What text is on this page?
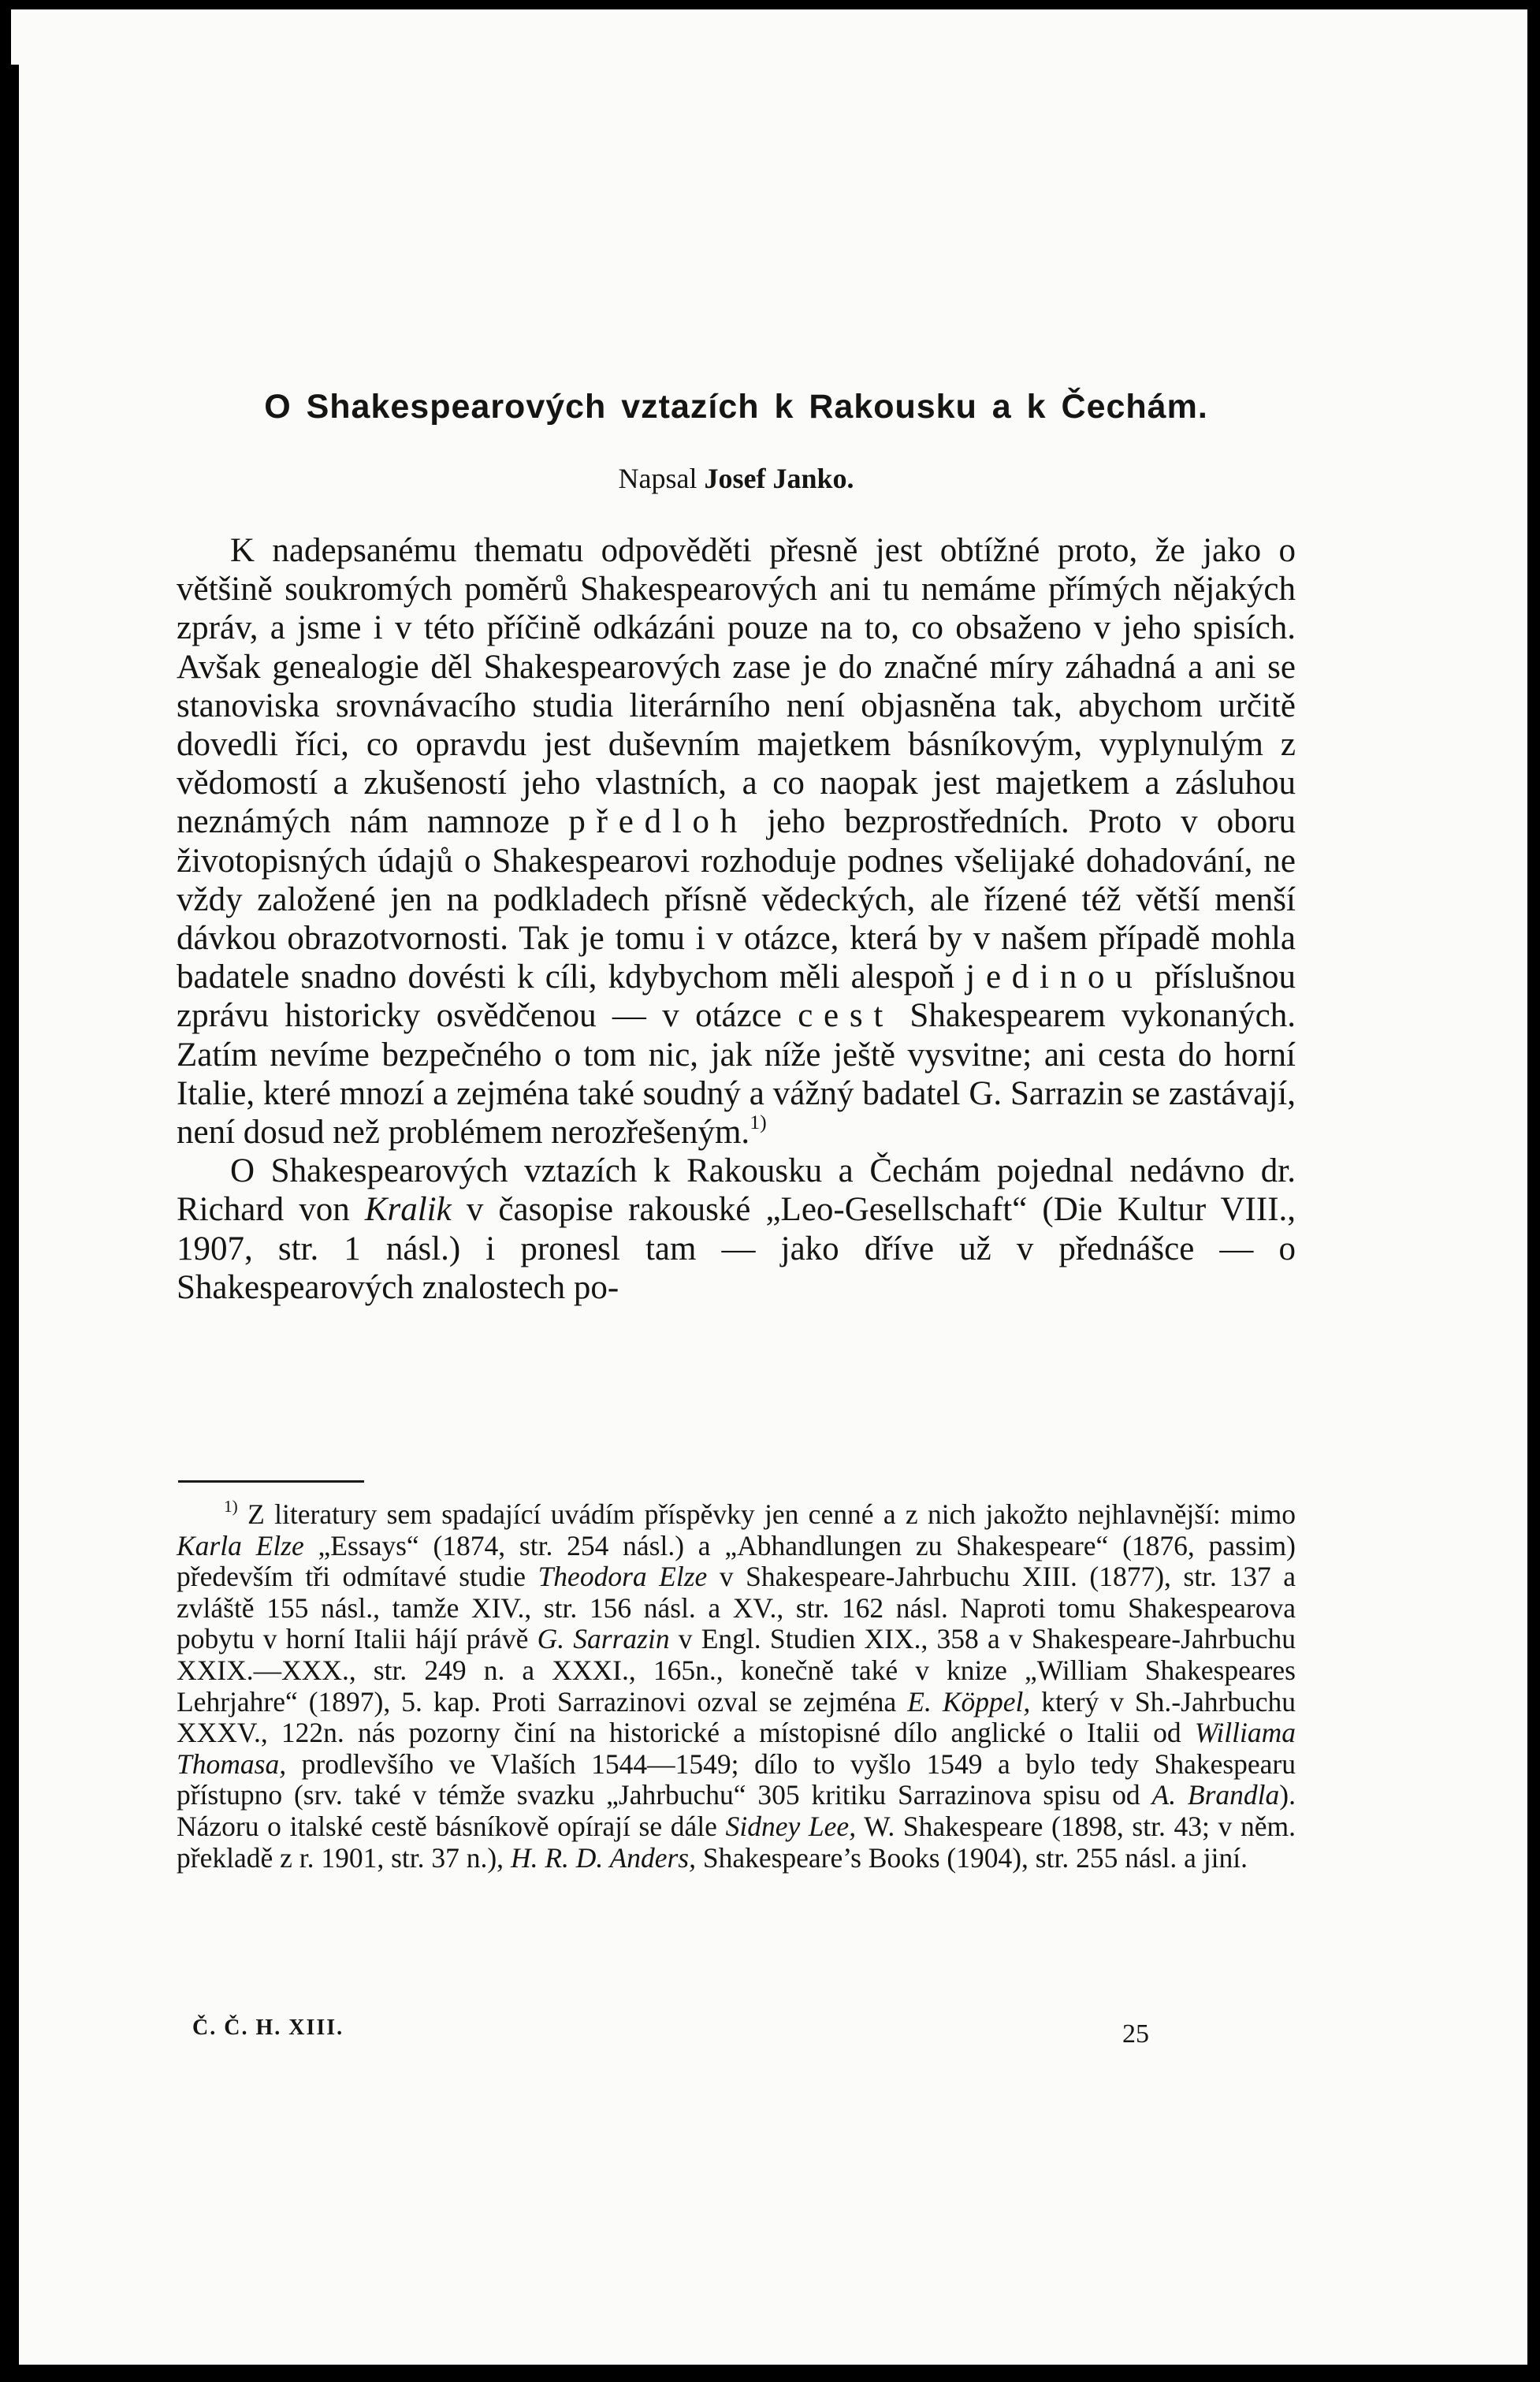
O Shakespearových vztazích k Rakousku a k Čechám.
Napsal Josef Janko.

K nadepsanému thematu odpověděti přesně jest obtížné proto, že jako o většině soukromých poměrů Shakespearových ani tu nemáme přímých nějakých zpráv, a jsme i v této příčině odkázáni pouze na to, co obsaženo v jeho spisích. Avšak genealogie děl Shakespearových zase je do značné míry záhadná a ani se stanoviska srovnávacího studia literárního není objasněna tak, abychom určitě dovedli říci, co opravdu jest duševním majetkem básníkovým, vyplynulým z vědomostí a zkušeností jeho vlastních, a co naopak jest majetkem a zásluhou neznámých nám namnoze předloh jeho bezprostředních. Proto v oboru životopisných údajů o Shakespearovi rozhoduje podnes všelijaké dohadování, ne vždy založené jen na podkladech přísně vědeckých, ale řízené též větší menší dávkou obrazotvornosti. Tak je tomu i v otázce, která by v našem případě mohla badatele snadno dovésti k cíli, kdybychom měli alespoň jedinou příslušnou zprávu historicky osvědčenou — v otázce cest Shakespearem vykonaných. Zatím nevíme bezpečného o tom nic, jak níže ještě vysvitne; ani cesta do horní Italie, které mnozí a zejména také soudný a vážný badatel G. Sarrazin se zastávají, není dosud než problémem nerozřešeným.$^{1)}$

O Shakespearových vztazích k Rakousku a Čechám pojednal nedávno dr. Richard von Kralik v časopise rakouské „Leo-Gesellschaft“ (Die Kultur VIII., 1907, str. 1 násl.) i pronesl tam — jako dříve už v přednášce — o Shakespearových znalostech po-

$^{1)}$ Z literatury sem spadající uvádím příspěvky jen cenné a z nich jakožto nejhlavnější: mimo Karla Elze „Essays“ (1874, str. 254 násl.) a „Abhandlungen zu Shakespeare“ (1876, passim) především tři odmítavé studie Theodora Elze v Shakespeare-Jahrbuchu XIII. (1877), str. 137 a zvláště 155 násl., tamže XIV., str. 156 násl. a XV., str. 162 násl. Naproti tomu Shakespearova pobytu v horní Italii hájí právě G. Sarrazin v Engl. Studien XIX., 358 a v Shakespeare-Jahrbuchu XXIX.—XXX., str. 249 n. a XXXI., 165n., konečně také v knize „William Shakespeares Lehrjahre“ (1897), 5. kap. Proti Sarrazinovi ozval se zejména E. Köppel, který v Sh.-Jahrbuchu XXXV., 122n. nás pozorny činí na historické a místopisné dílo anglické o Italii od Williama Thomasa, prodlevšího ve Vlaších 1544—1549; dílo to vyšlo 1549 a bylo tedy Shakespearu přístupno (srv. také v témže svazku „Jahrbuchu“ 305 kritiku Sarrazinova spisu od A. Brandla). Názoru o italské cestě básníkově opírají se dále Sidney Lee, W. Shakespeare (1898, str. 43; v něm. překladě z r. 1901, str. 37 n.), H. R. D. Anders, Shakespeare’s Books (1904), str. 255 násl. a jiní.

Č. Č. H. XIII.	25
